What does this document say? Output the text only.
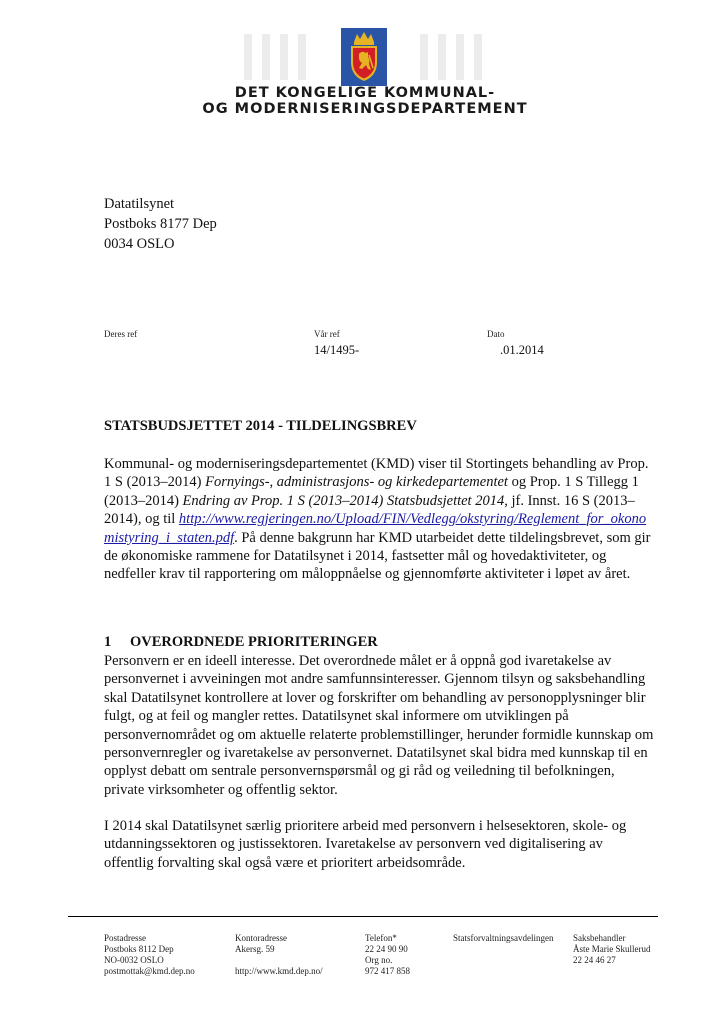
DET KONGELIGE KOMMUNAL-
OG MODERNISERINGSDEPARTEMENT
Datatilsynet
Postboks 8177 Dep
0034 OSLO
Deres ref	Vår ref
14/1495-
Dato
.01.2014
STATSBUDSJETTET 2014 - TILDELINGSBREV
Kommunal- og moderniseringsdepartementet (KMD) viser til Stortingets behandling av Prop. 1 S (2013–2014) Fornyings-, administrasjons- og kirkedepartementet og Prop. 1 S Tillegg 1 (2013–2014) Endring av Prop. 1 S (2013–2014) Statsbudsjettet 2014, jf. Innst. 16 S (2013–2014), og til http://www.regjeringen.no/Upload/FIN/Vedlegg/okstyring/Reglement_for_okonomistyring_i_staten.pdf. På denne bakgrunn har KMD utarbeidet dette tildelingsbrevet, som gir de økonomiske rammene for Datatilsynet i 2014, fastsetter mål og hovedaktiviteter, og nedfeller krav til rapportering om måloppnåelse og gjennomførte aktiviteter i løpet av året.
1 OVERORDNEDE PRIORITERINGER
Personvern er en ideell interesse. Det overordnede målet er å oppnå god ivaretakelse av personvernet i avveiningen mot andre samfunnsinteresser. Gjennom tilsyn og saksbehandling skal Datatilsynet kontrollere at lover og forskrifter om behandling av personopplysninger blir fulgt, og at feil og mangler rettes. Datatilsynet skal informere om utviklingen på personvernområdet og om aktuelle relaterte problemstillinger, herunder formidle kunnskap om personvernregler og ivaretakelse av personvernet. Datatilsynet skal bidra med kunnskap til en opplyst debatt om sentrale personvernspørsmål og gi råd og veiledning til befolkningen, private virksomheter og offentlig sektor.
I 2014 skal Datatilsynet særlig prioritere arbeid med personvern i helsesektoren, skole- og utdanningssektoren og justissektoren. Ivaretakelse av personvern ved digitalisering av offentlig forvalting skal også være et prioritert arbeidsområde.
Postadresse
Postboks 8112 Dep
NO-0032 OSLO
postmottak@kmd.dep.no
Kontoradresse
Akersg. 59
http://www.kmd.dep.no/
Telefon*
22 24 90 90
Org no.
972 417 858
Statsforvaltningsavdelingen Saksbehandler
Åste Marie Skullerud
22 24 46 27
